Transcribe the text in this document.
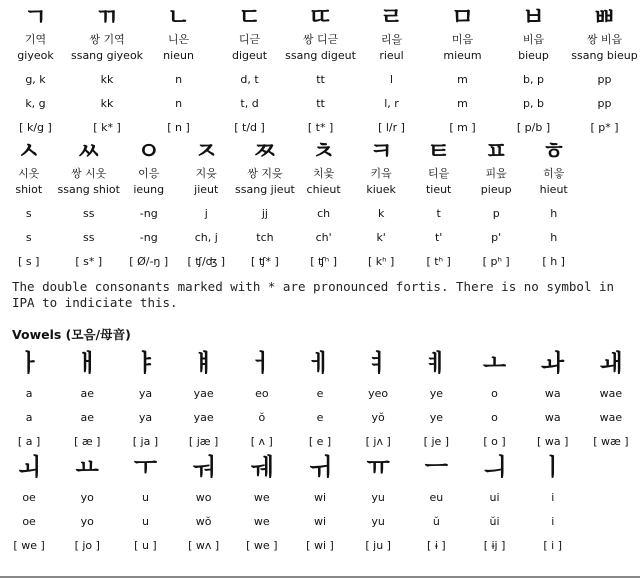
ㄱ
기역
giyeok
g, k
k, g
[ k/g ]
ㄲ
쌍 기역
ssang giyeok
kk
kk
[ k* ]
ㄴ
니은
nieun
n
n
[ n ]
ㄷ
디귿
digeut
d, t
t, d
[ t/d ]
ㄸ
쌍 디귿
ssang digeut
tt
tt
[ t* ]
ㄹ
리을
rieul
l
l, r
[ l/r ]
ㅁ
미음
mieum
m
m
[ m ]
ㅂ
비읍
bieup
b, p
p, b
[ p/b ]
ㅃ
쌍 비읍
ssang bieup
pp
pp
[ p* ]
ㅅ
시옷
shiot
s
s
[ s ]
ㅆ
쌍 시옷
ssang shiot
ss
ss
[ s* ]
ㅇ
이응
ieung
-ng
-ng
[ Ø/-ŋ ]
ㅈ
지읒
jieut
j
ch, j
[ ʧ/ʤ ]
ㅉ
쌍 지읒
ssang jieut
jj
tch
[ ʧ* ]
ㅊ
치읓
chieut
ch
ch'
[ ʧʰ ]
ㅋ
키읔
kiuek
k
k'
[ kʰ ]
ㅌ
티읕
tieut
t
t'
[ tʰ ]
ㅍ
피읖
pieup
p
p'
[ pʰ ]
ㅎ
히읗
hieut
h
h
[ h ]
The double consonants marked with * are pronounced fortis. There is no symbol in IPA to indiciate this.
Vowels (모음/母音)
ㅏ
a
a
[ a ]
ㅐ
ae
ae
[ æ ]
ㅑ
ya
ya
[ ja ]
ㅒ
yae
yae
[ jæ ]
ㅓ
eo
ŏ
[ ʌ ]
ㅔ
e
e
[ e ]
ㅕ
yeo
yŏ
[ jʌ ]
ㅖ
ye
ye
[ je ]
ㅗ
o
o
[ o ]
ㅘ
wa
wa
[ wa ]
ㅙ
wae
wae
[ wæ ]
ㅚ
oe
oe
[ we ]
ㅛ
yo
yo
[ jo ]
ㅜ
u
u
[ u ]
ㅝ
wo
wŏ
[ wʌ ]
ㅞ
we
we
[ we ]
ㅟ
wi
wi
[ wi ]
ㅠ
yu
yu
[ ju ]
ㅡ
eu
ŭ
[ ɨ ]
ㅢ
ui
ŭi
[ ɨj ]
ㅣ
i
i
[ i ]
